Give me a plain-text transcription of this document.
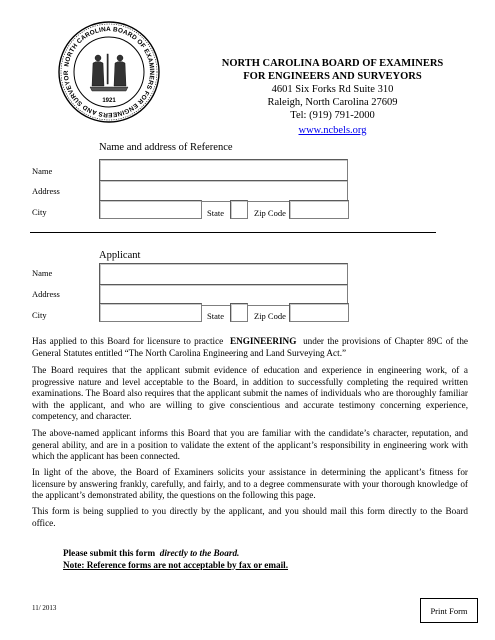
NORTH CAROLINA BOARD OF EXAMINERS FOR ENGINEERS AND SURVEYOR
1921
NORTH CAROLINA BOARD OF EXAMINERS
FOR ENGINEERS AND SURVEYORS
4601 Six Forks Rd Suite 310
Raleigh, North Carolina 27609
Tel: (919) 791-2000
www.ncbels.org
Name and address of Reference
Name
Address
City	State	Zip Code
Applicant
Name
Address
City	State	Zip Code
Has applied to this Board for licensure to practice ENGINEERING under the provisions of Chapter 89C of the General Statutes entitled “The North Carolina Engineering and Land Surveying Act.”
The Board requires that the applicant submit evidence of education and experience in engineering work, of a progressive nature and level acceptable to the Board, in addition to successfully completing the required written examinations. The Board also requires that the applicant submit the names of individuals who are thoroughly familiar with the applicant, and who are willing to give conscientious and accurate testimony concerning experience, competency, and character.
The above-named applicant informs this Board that you are familiar with the candidate’s character, reputation, and general ability, and are in a position to validate the extent of the applicant’s responsibility in engineering work with which the applicant has been connected.
In light of the above, the Board of Examiners solicits your assistance in determining the applicant’s fitness for licensure by answering frankly, carefully, and fairly, and to a degree commensurate with your thorough knowledge of the applicant’s demonstrated ability, the questions on the following this page.
This form is being supplied to you directly by the applicant, and you should mail this form directly to the Board office.
Please submit this form directly to the Board.
Note: Reference forms are not acceptable by fax or email.
11/ 2013	Print Form
